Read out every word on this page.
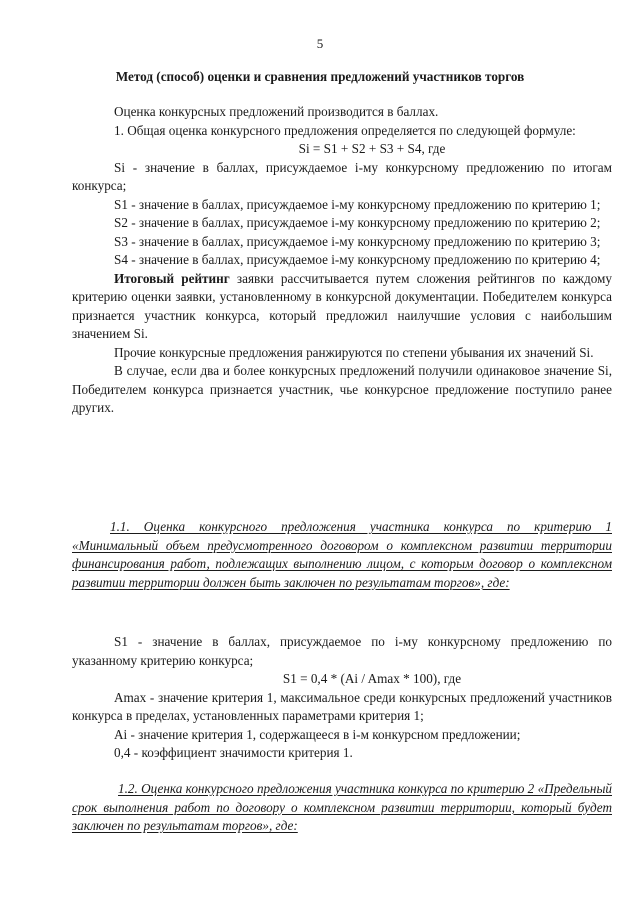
5
Метод (способ) оценки и сравнения предложений участников торгов
Оценка конкурсных предложений производится в баллах.
1. Общая оценка конкурсного предложения определяется по следующей формуле:
Si = S1 + S2 + S3 + S4, где
Si - значение в баллах, присуждаемое i-му конкурсному предложению по итогам конкурса;
S1 - значение в баллах, присуждаемое i-му конкурсному предложению по критерию 1;
S2 - значение в баллах, присуждаемое i-му конкурсному предложению по критерию 2;
S3 - значение в баллах, присуждаемое i-му конкурсному предложению по критерию 3;
S4 - значение в баллах, присуждаемое i-му конкурсному предложению по критерию 4;
Итоговый рейтинг заявки рассчитывается путем сложения рейтингов по каждому критерию оценки заявки, установленному в конкурсной документации. Победителем конкурса признается участник конкурса, который предложил наилучшие условия с наибольшим значением Si.
Прочие конкурсные предложения ранжируются по степени убывания их значений Si.
В случае, если два и более конкурсных предложений получили одинаковое значение Si, Победителем конкурса признается участник, чье конкурсное предложение поступило ранее других.
1.1. Оценка конкурсного предложения участника конкурса по критерию 1 «Минимальный объем предусмотренного договором о комплексном развитии территории финансирования работ, подлежащих выполнению лицом, с которым договор о комплексном развитии территории должен быть заключен по результатам торгов», где:
S1 - значение в баллах, присуждаемое по i-му конкурсному предложению по указанному критерию конкурса;
S1 = 0,4 * (Ai / Amax * 100), где
Amax - значение критерия 1, максимальное среди конкурсных предложений участников конкурса в пределах, установленных параметрами критерия 1;
Ai - значение критерия 1, содержащееся в i-м конкурсном предложении;
0,4 - коэффициент значимости критерия 1.
1.2. Оценка конкурсного предложения участника конкурса по критерию 2 «Предельный срок выполнения работ по договору о комплексном развитии территории, который будет заключен по результатам торгов», где:
